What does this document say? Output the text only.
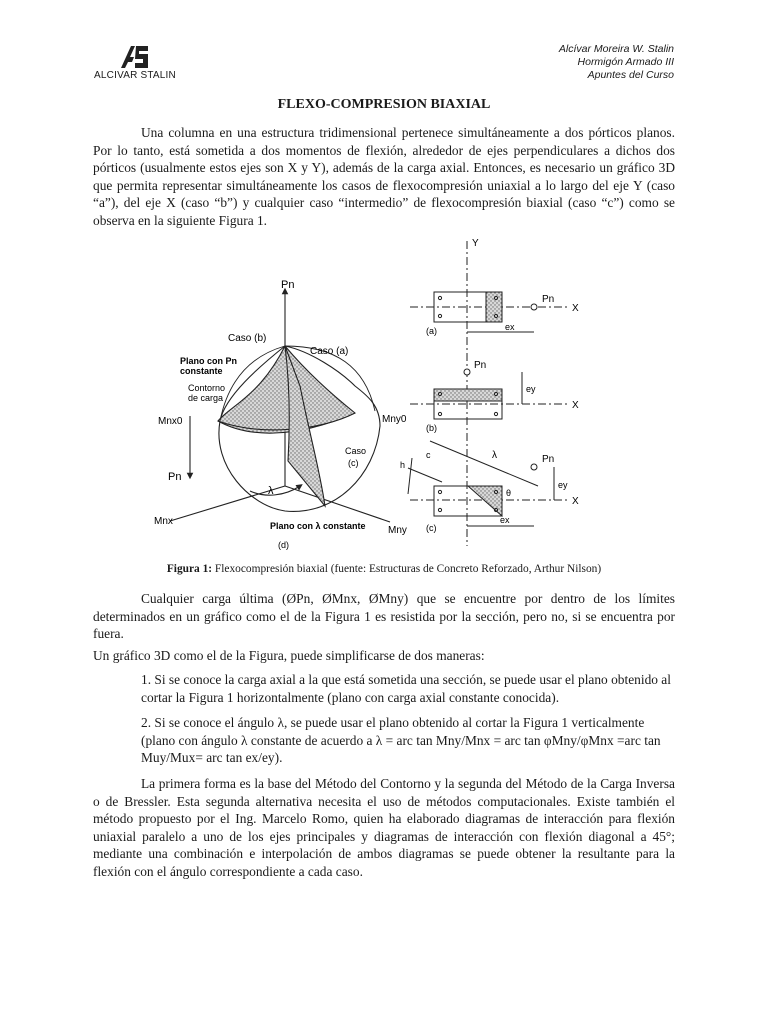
ALCIVAR STALIN
Alcívar Moreira W. Stalin
Hormigón Armado III
Apuntes del Curso
FLEXO-COMPRESION BIAXIAL

Una columna en una estructura tridimensional pertenece simultáneamente a dos pórticos planos. Por lo tanto, está sometida a dos momentos de flexión, alrededor de ejes perpendiculares a dichos dos pórticos (usualmente estos ejes son X y Y), además de la carga axial. Entonces, es necesario un gráfico 3D que permita representar simultáneamente los casos de flexocompresión uniaxial a lo largo del eje Y (caso “a”), del eje X (caso “b”) y cualquier caso “intermedio” de flexocompresión biaxial (caso “c”) como se observa en la siguiente Figura 1.

Pn
Caso (b)
Caso (a)
Plano con Pn
constante
Contorno
de carga
Mnx0	Mny0
Caso
(c)
λ
Pn
Mnx
Mny
Plano con λ constante
(d)
Y
Pn
X
(a)	ex
Pn
ey
X
(b)
Pn
λ
h
c
θ
ey
X
(c)
ex
Figura 1: Flexocompresión biaxial (fuente: Estructuras de Concreto Reforzado, Arthur Nilson)

Cualquier carga última (ØPn, ØMnx, ØMny) que se encuentre por dentro de los límites determinados en un gráfico como el de la Figura 1 es resistida por la sección, pero no, si se encuentra por fuera.

Un gráfico 3D como el de la Figura, puede simplificarse de dos maneras:

1. Si se conoce la carga axial a la que está sometida una sección, se puede usar el plano obtenido al cortar la Figura 1 horizontalmente (plano con carga axial constante conocida).

2. Si se conoce el ángulo λ, se puede usar el plano obtenido al cortar la Figura 1 verticalmente (plano con ángulo λ constante de acuerdo a λ = arc tan Mny/Mnx = arc tan φMny/φMnx =arc tan Muy/Mux= arc tan ex/ey).

La primera forma es la base del Método del Contorno y la segunda del Método de la Carga Inversa o de Bressler. Esta segunda alternativa necesita el uso de métodos computacionales. Existe también el método propuesto por el Ing. Marcelo Romo, quien ha elaborado diagramas de interacción para flexión uniaxial paralelo a uno de los ejes principales y diagramas de interacción con flexión diagonal a 45°; mediante una combinación e interpolación de ambos diagramas se puede obtener la resultante para la flexión con el ángulo correspondiente a cada caso.
